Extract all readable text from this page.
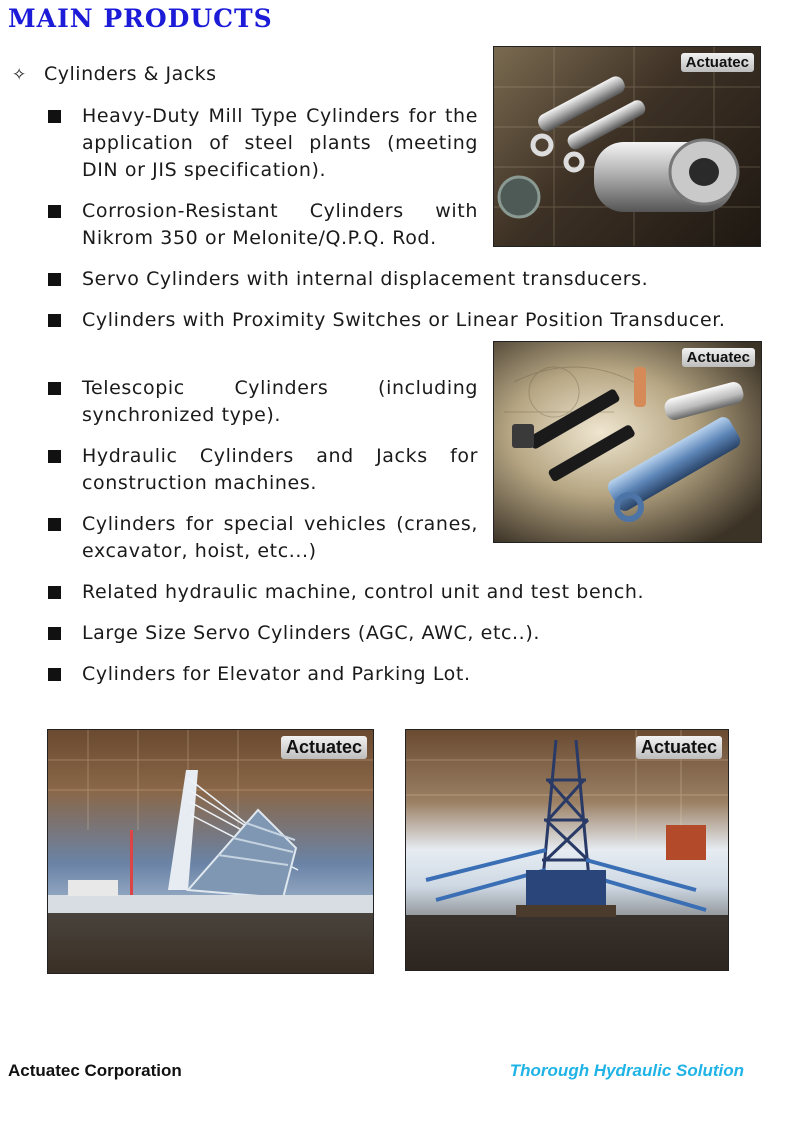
MAIN PRODUCTS
✧ Cylinders & Jacks
Heavy-Duty Mill Type Cylinders for the application of steel plants (meeting DIN or JIS specification).
Corrosion-Resistant Cylinders with Nikrom 350 or Melonite/Q.P.Q. Rod.
Servo Cylinders with internal displacement transducers.
Cylinders with Proximity Switches or Linear Position Transducer.
Telescopic Cylinders (including synchronized type).
Hydraulic Cylinders and Jacks for construction machines.
Cylinders for special vehicles (cranes, excavator, hoist, etc...)
Related hydraulic machine, control unit and test bench.
Large Size Servo Cylinders (AGC, AWC, etc..).
Cylinders for Elevator and Parking Lot.
Actuatec
Actuatec
Actuatec	Actuatec
Actuatec Corporation	Thorough Hydraulic Solution
